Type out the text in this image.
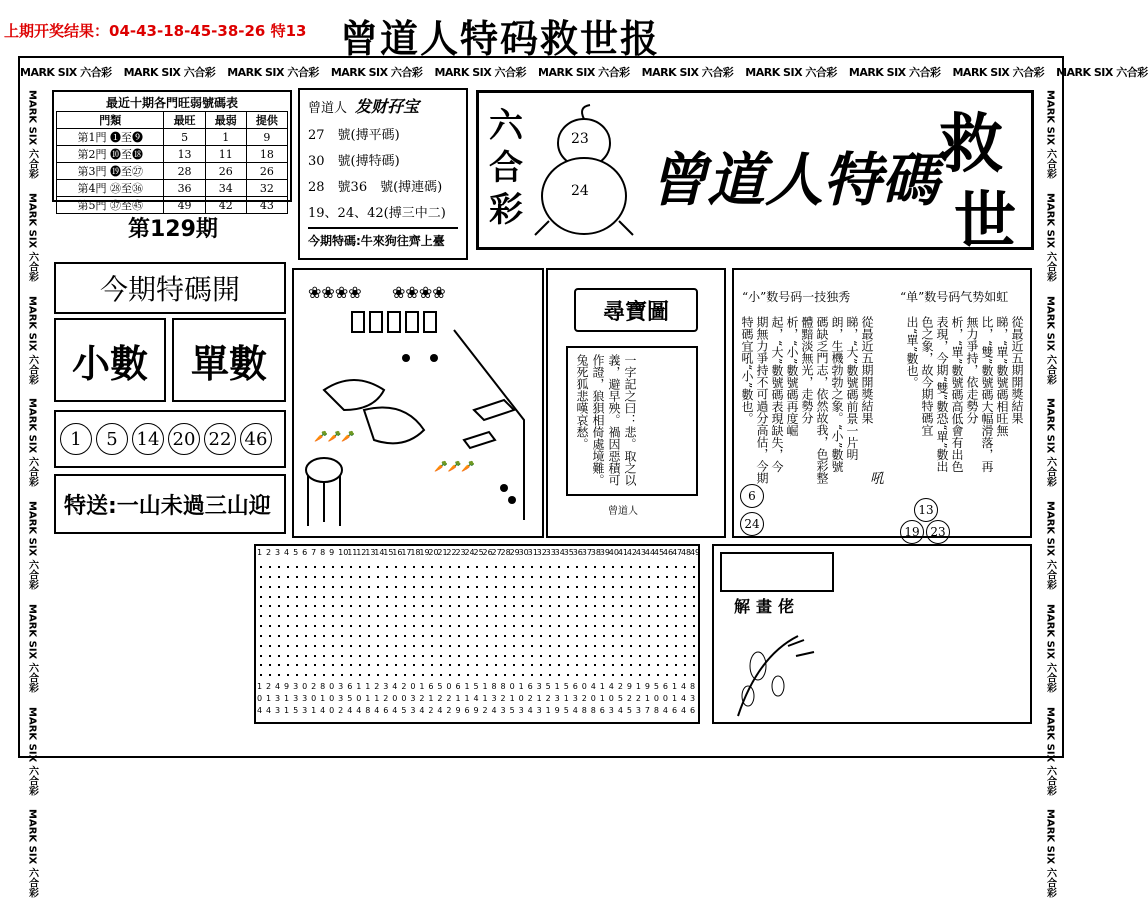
上期开奖结果：04-43-18-45-38-26 特13 曾道人特码救世报
MARK SIX 六合彩 MARK SIX 六合彩 MARK SIX 六合彩 MARK SIX 六合彩 MARK SIX 六合彩 MARK SIX 六合彩 MARK SIX 六合彩 MARK SIX 六合彩 MARK SIX 六合彩 MARK SIX 六合彩 MARK SIX 六合彩
MARK SIX 六合彩
MARK SIX 六合彩
MARK SIX 六合彩
MARK SIX 六合彩
MARK SIX 六合彩
MARK SIX 六合彩
MARK SIX 六合彩
MARK SIX 六合彩
MARK SIX 六合彩
MARK SIX 六合彩
MARK SIX 六合彩
MARK SIX 六合彩
MARK SIX 六合彩
MARK SIX 六合彩
MARK SIX 六合彩
MARK SIX 六合彩
最近十期各門旺弱號碼表
門類	最旺	最弱	提供
第1門 ❶至❾	5	1	9
第2門 ❿至⓲	13	11	18
第3門 ⓳至㉗	28	26	26
第4門 ㉘至㊱	36	34	32
第5門 ㊲至㊺	49	42	43
第129期
曾道人 发财孖宝
27　號(搏平碼)
30　號(搏特碼)
28　號36　號(搏連碼)
19、24、42(搏三中二)
今期特碼:牛來狗往齊上臺
六
合
彩
23
24 曾道人特碼 救
世
今期特碼開
小數 單數
1	5	14 20 22 46
特送:一山未過三山迎
❀❀❀❀ ❀❀❀❀
🥕🥕🥕
🥕🥕🥕
尋寶圖
一字記之曰：悲。取之以義，避早殃。禍因惡積可作證，狼狽相倚處境難。兔死狐悲嘆哀愁。
曾道人
“小”数号码一技独秀	“单”数号码气势如虹
從最近五期開獎結果睇，“大”數號碼前景一片明朗，生機勃勃之象。“小”數號碼缺乏門志，依然故我，色彩整體黯淡無光，走勢分析，“小”數號碼再度崛起，“大”數號碼表現缺失，今期無力爭持不可過分高估，今期特碼宜吼“小”數也。	從最近五期開獎結果睇，“單”數號碼相旺無比，“雙”數號碼大幅滑落，再無力爭持，依走勢分析，“單”數號碼高低會有出色表現，今期“雙”數恐“單”數出色之象，故今期特碼宜出“單”數也。
吼
6
24
13
19 23
1 2 3 4 5 6 7 8 9 10
11
12
13
14
15
16
17
18
19
20
21
22
23
24
25
26
27
28
29
30
31
32
33
34
35
36
37
38
39
40
41
42
43
44
45
46
47
48
49
1 2 4 9 3 0 2 8 0 3 6 1 1 2 3 4 2 0 1 6 5 0 6 1 5 1 8 8 0 1 6 3 5 1 5 6 0 4 1 4 2 9 1 9 5 6 1 4 8
0 1 3 1 3 3 0 1 0 3 5 0 1 1 2 0 0 3 2 1 2 2 1 1 4 1 3 2 1 0 2 1 2 3 1 3 2 0 1 0 5 2 2 1 0 0 1 4 3
4 4 3 1 5 3 1 4 0 2 4 4 8 4 6 4 5 3 4 2 4 2 9 6 9 2 4 3 5 3 4 3 1 9 5 4 8 8 6 3 4 5 3 7 8 4 6 4 6
解畫佬
